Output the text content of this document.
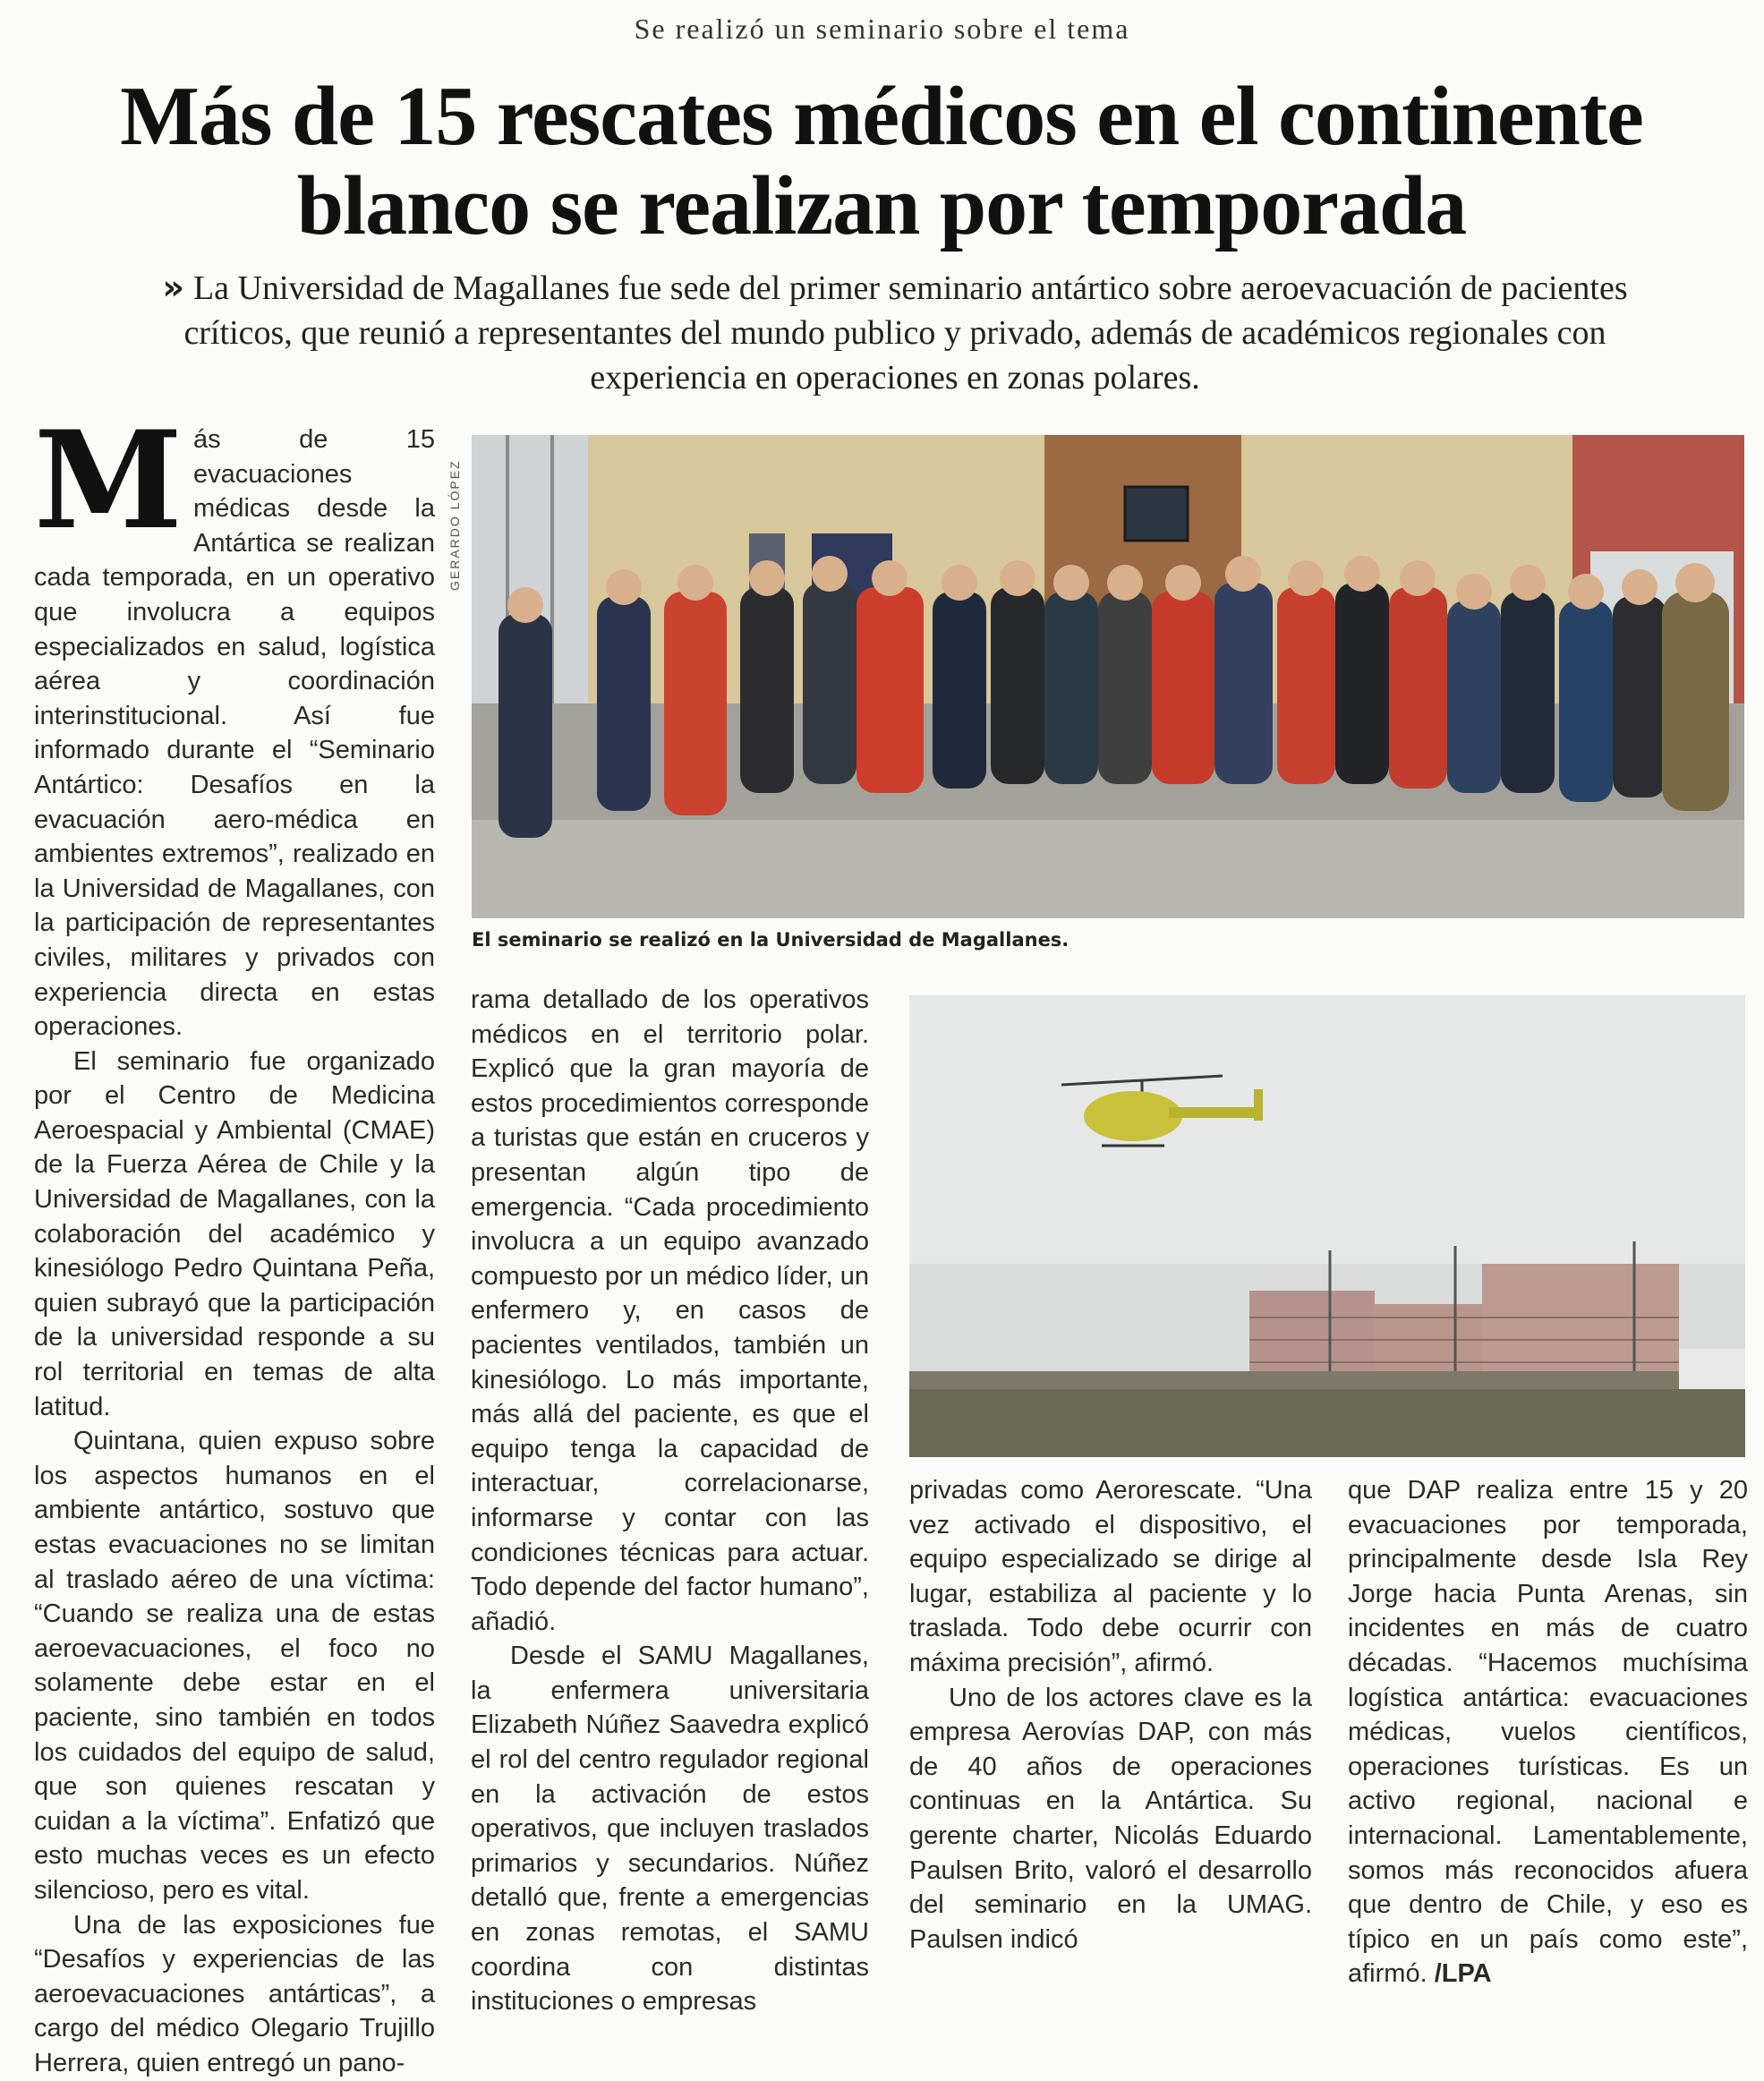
Se realizó un seminario sobre el tema
Más de 15 rescates médicos en el continente
blanco se realizan por temporada

» La Universidad de Magallanes fue sede del primer seminario antártico sobre aeroevacuación de pacientes críticos, que reunió a representantes del mundo publico y privado, además de académicos regionales con experiencia en operaciones en zonas polares.

Más de 15 evacuaciones médicas desde la Antártica se realizan cada temporada, en un operativo que involucra a equipos especializados en salud, logística aérea y coordinación interinstitucional. Así fue informado durante el “Seminario Antártico: Desafíos en la evacuación aero-médica en ambientes extremos”, realizado en la Universidad de Magallanes, con la participación de representantes civiles, militares y privados con experiencia directa en estas operaciones.

El seminario fue organizado por el Centro de Medicina Aeroespacial y Ambiental (CMAE) de la Fuerza Aérea de Chile y la Universidad de Magallanes, con la colaboración del académico y kinesiólogo Pedro Quintana Peña, quien subrayó que la participación de la universidad responde a su rol territorial en temas de alta latitud.

Quintana, quien expuso sobre los aspectos humanos en el ambiente antártico, sostuvo que estas evacuaciones no se limitan al traslado aéreo de una víctima: “Cuando se realiza una de estas aeroevacuaciones, el foco no solamente debe estar en el paciente, sino también en todos los cuidados del equipo de salud, que son quienes rescatan y cuidan a la víctima”. Enfatizó que esto muchas veces es un efecto silencioso, pero es vital.

Una de las exposiciones fue “Desafíos y experiencias de las aeroevacuaciones antárticas”, a cargo del médico Olegario Trujillo Herrera, quien entregó un pano-

GERARDO LÓPEZ

El seminario se realizó en la Universidad de Magallanes.

rama detallado de los operativos médicos en el territorio polar. Explicó que la gran mayoría de estos procedimientos corresponde a turistas que están en cruceros y presentan algún tipo de emergencia. “Cada procedimiento involucra a un equipo avanzado compuesto por un médico líder, un enfermero y, en casos de pacientes ventilados, también un kinesiólogo. Lo más importante, más allá del paciente, es que el equipo tenga la capacidad de interactuar, correlacionarse, informarse y contar con las condiciones técnicas para actuar. Todo depende del factor humano”, añadió.

Desde el SAMU Magallanes, la enfermera universitaria Elizabeth Núñez Saavedra explicó el rol del centro regulador regional en la activación de estos operativos, que incluyen traslados primarios y secundarios. Núñez detalló que, frente a emergencias en zonas remotas, el SAMU coordina con distintas instituciones o empresas

privadas como Aerorescate. “Una vez activado el dispositivo, el equipo especializado se dirige al lugar, estabiliza al paciente y lo traslada. Todo debe ocurrir con máxima precisión”, afirmó.

Uno de los actores clave es la empresa Aerovías DAP, con más de 40 años de operaciones continuas en la Antártica. Su gerente charter, Nicolás Eduardo Paulsen Brito, valoró el desarrollo del seminario en la UMAG. Paulsen indicó

que DAP realiza entre 15 y 20 evacuaciones por temporada, principalmente desde Isla Rey Jorge hacia Punta Arenas, sin incidentes en más de cuatro décadas. “Hacemos muchísima logística antártica: evacuaciones médicas, vuelos científicos, operaciones turísticas. Es un activo regional, nacional e internacional. Lamentablemente, somos más reconocidos afuera que dentro de Chile, y eso es típico en un país como este”, afirmó. /LPA
